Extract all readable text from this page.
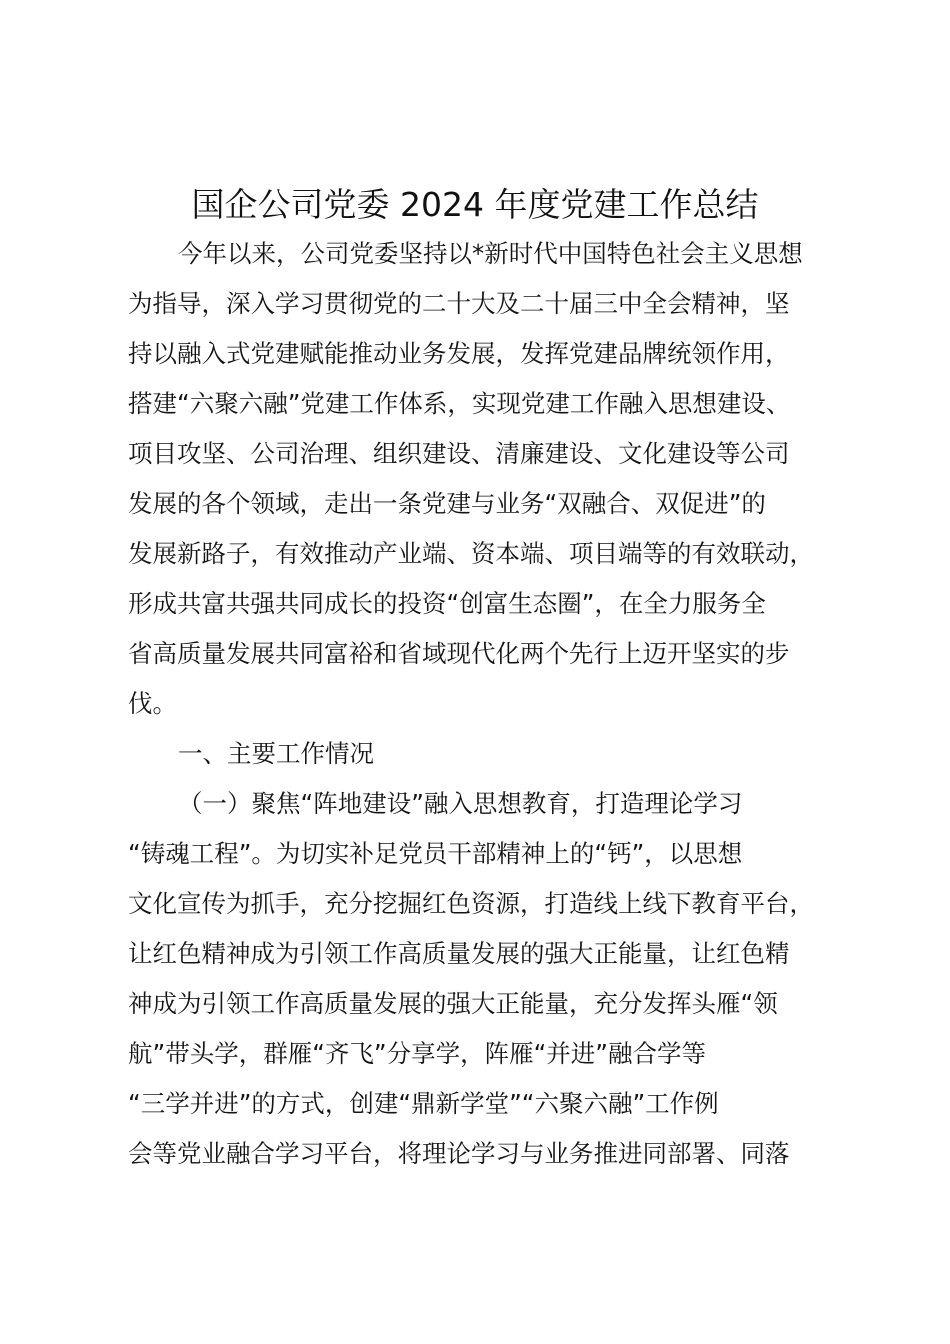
国企公司党委 2024 年度党建工作总结
今年以来，公司党委坚持以*新时代中国特色社会主义思想
为指导，深入学习贯彻党的二十大及二十届三中全会精神，坚
持以融入式党建赋能推动业务发展，发挥党建品牌统领作用，
搭建“六聚六融”党建工作体系，实现党建工作融入思想建设、
项目攻坚、公司治理、组织建设、清廉建设、文化建设等公司
发展的各个领域，走出一条党建与业务“双融合、双促进”的
发展新路子，有效推动产业端、资本端、项目端等的有效联动，
形成共富共强共同成长的投资“创富生态圈”，在全力服务全
省高质量发展共同富裕和省域现代化两个先行上迈开坚实的步
伐。
一、主要工作情况
（一）聚焦“阵地建设”融入思想教育，打造理论学习
“铸魂工程”。为切实补足党员干部精神上的“钙”，以思想
文化宣传为抓手，充分挖掘红色资源，打造线上线下教育平台，
让红色精神成为引领工作高质量发展的强大正能量，让红色精
神成为引领工作高质量发展的强大正能量，充分发挥头雁“领
航”带头学，群雁“齐飞”分享学，阵雁“并进”融合学等
“三学并进”的方式，创建“鼎新学堂”“六聚六融”工作例
会等党业融合学习平台，将理论学习与业务推进同部署、同落
